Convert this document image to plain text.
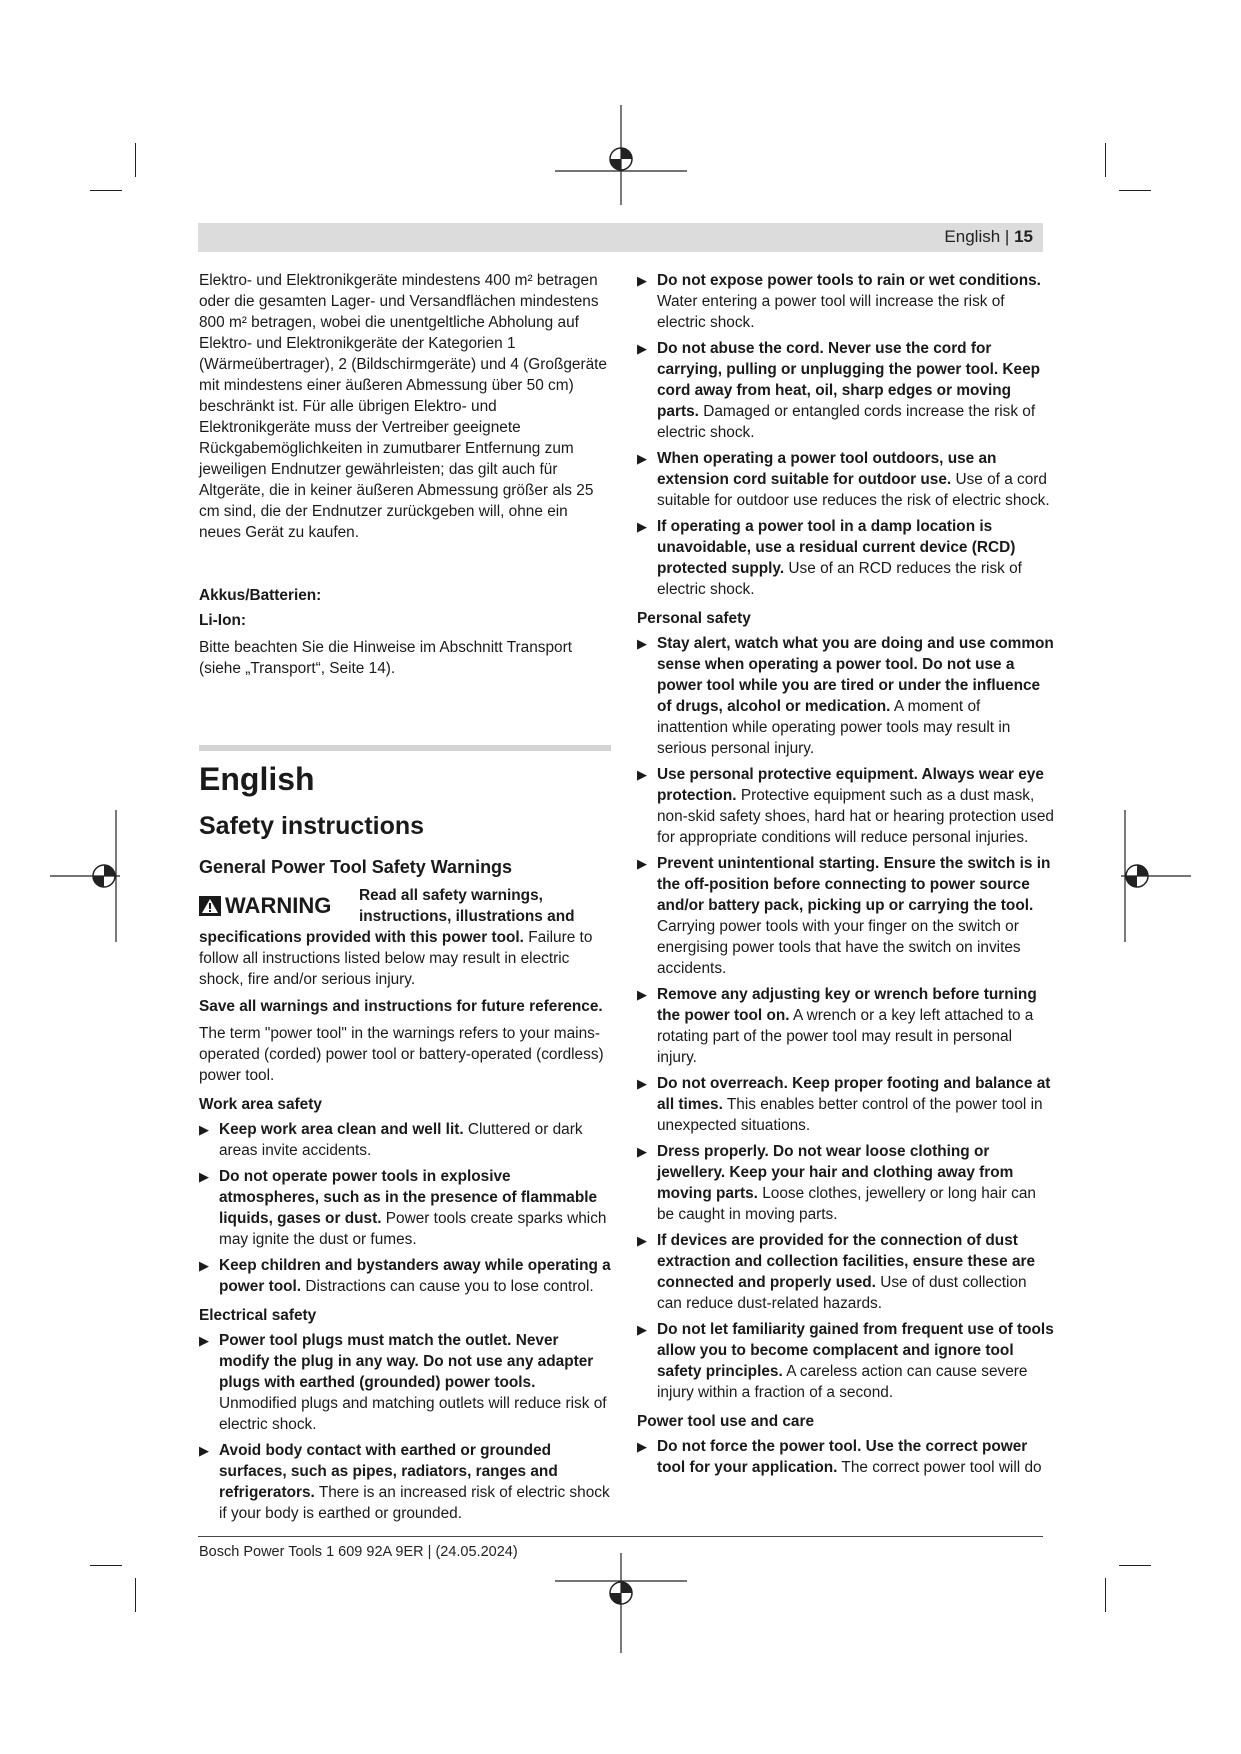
English | 15

Elektro- und Elektronikgeräte mindestens 400 m² betragen oder die gesamten Lager- und Versandflächen mindestens 800 m² betragen, wobei die unentgeltliche Abholung auf Elektro- und Elektronikgeräte der Kategorien 1 (Wärmeübertrager), 2 (Bildschirmgeräte) und 4 (Großgeräte mit mindestens einer äußeren Abmessung über 50 cm) beschränkt ist. Für alle übrigen Elektro- und Elektronikgeräte muss der Vertreiber geeignete Rückgabemöglichkeiten in zumutbarer Entfernung zum jeweiligen Endnutzer gewährleisten; das gilt auch für Altgeräte, die in keiner äußeren Abmessung größer als 25 cm sind, die der Endnutzer zurückgeben will, ohne ein neues Gerät zu kaufen.

Akkus/Batterien:

Li-Ion:

Bitte beachten Sie die Hinweise im Abschnitt Transport (siehe „Transport“, Seite 14).

English
Safety instructions
General Power Tool Safety Warnings
WARNING	Read all safety warnings, instructions, illustrations and specifications provided with this power tool. Failure to follow all instructions listed below may result in electric shock, fire and/or serious injury.

Save all warnings and instructions for future reference.

The term "power tool" in the warnings refers to your mains-operated (corded) power tool or battery-operated (cordless) power tool.

Work area safety

▶ Keep work area clean and well lit. Cluttered or dark areas invite accidents.
▶ Do not operate power tools in explosive atmospheres, such as in the presence of flammable liquids, gases or dust. Power tools create sparks which may ignite the dust or fumes.
▶ Keep children and bystanders away while operating a power tool. Distractions can cause you to lose control.

Electrical safety

▶ Power tool plugs must match the outlet. Never modify the plug in any way. Do not use any adapter plugs with earthed (grounded) power tools. Unmodified plugs and matching outlets will reduce risk of electric shock.
▶ Avoid body contact with earthed or grounded surfaces, such as pipes, radiators, ranges and refrigerators. There is an increased risk of electric shock if your body is earthed or grounded.
▶ Do not expose power tools to rain or wet conditions. Water entering a power tool will increase the risk of electric shock.
▶ Do not abuse the cord. Never use the cord for carrying, pulling or unplugging the power tool. Keep cord away from heat, oil, sharp edges or moving parts. Damaged or entangled cords increase the risk of electric shock.
▶ When operating a power tool outdoors, use an extension cord suitable for outdoor use. Use of a cord suitable for outdoor use reduces the risk of electric shock.
▶ If operating a power tool in a damp location is unavoidable, use a residual current device (RCD) protected supply. Use of an RCD reduces the risk of electric shock.

Personal safety

▶ Stay alert, watch what you are doing and use common sense when operating a power tool. Do not use a power tool while you are tired or under the influence of drugs, alcohol or medication. A moment of inattention while operating power tools may result in serious personal injury.
▶ Use personal protective equipment. Always wear eye protection. Protective equipment such as a dust mask, non-skid safety shoes, hard hat or hearing protection used for appropriate conditions will reduce personal injuries.
▶ Prevent unintentional starting. Ensure the switch is in the off-position before connecting to power source and/or battery pack, picking up or carrying the tool. Carrying power tools with your finger on the switch or energising power tools that have the switch on invites accidents.
▶ Remove any adjusting key or wrench before turning the power tool on. A wrench or a key left attached to a rotating part of the power tool may result in personal injury.
▶ Do not overreach. Keep proper footing and balance at all times. This enables better control of the power tool in unexpected situations.
▶ Dress properly. Do not wear loose clothing or jewellery. Keep your hair and clothing away from moving parts. Loose clothes, jewellery or long hair can be caught in moving parts.
▶ If devices are provided for the connection of dust extraction and collection facilities, ensure these are connected and properly used. Use of dust collection can reduce dust-related hazards.
▶ Do not let familiarity gained from frequent use of tools allow you to become complacent and ignore tool safety principles. A careless action can cause severe injury within a fraction of a second.

Power tool use and care

▶ Do not force the power tool. Use the correct power tool for your application. The correct power tool will do
Bosch Power Tools 1 609 92A 9ER | (24.05.2024)
